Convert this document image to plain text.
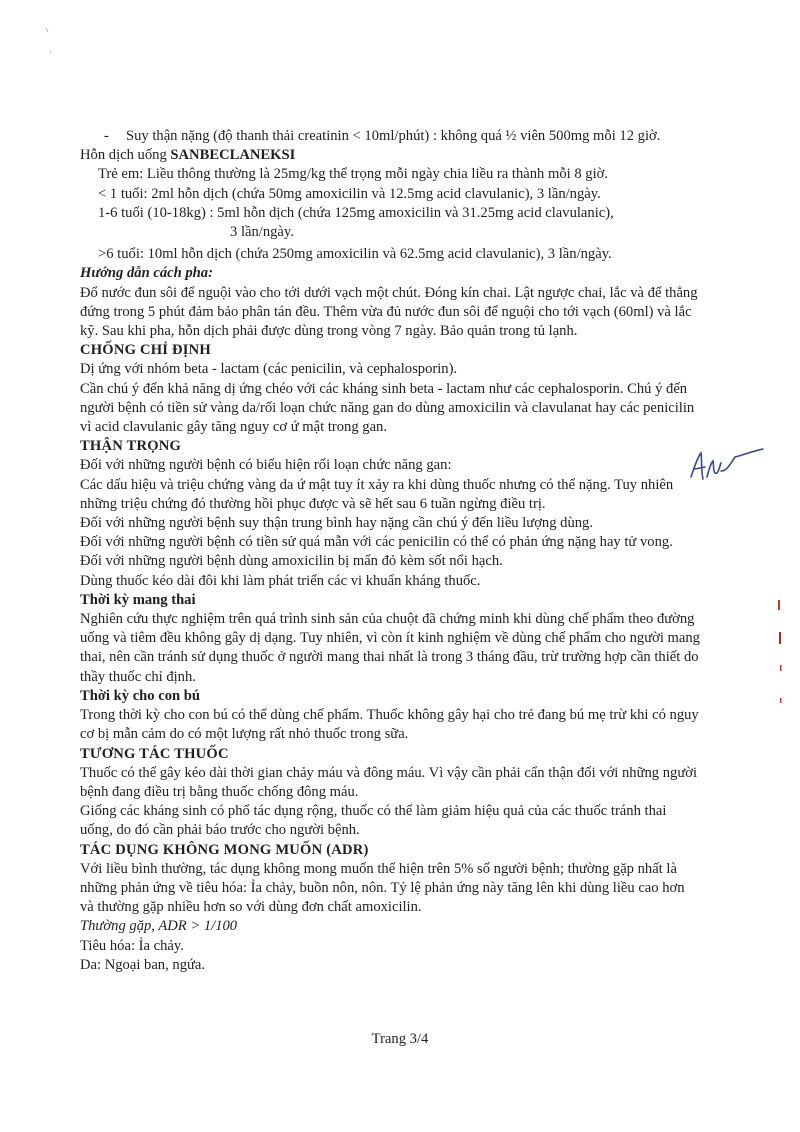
- Suy thận nặng (độ thanh thải creatinin < 10ml/phút) : không quá ½ viên 500mg mỗi 12 giờ.

Hỗn dịch uống SANBECLANEKSI

Trẻ em: Liều thông thường là 25mg/kg thể trọng mỗi ngày chia liều ra thành mỗi 8 giờ.

< 1 tuổi: 2ml hỗn dịch (chứa 50mg amoxicilin và 12.5mg acid clavulanic), 3 lần/ngày.

1-6 tuổi (10-18kg) : 5ml hỗn dịch (chứa 125mg amoxicilin và 31.25mg acid clavulanic),

3 lần/ngày.

>6 tuổi: 10ml hỗn dịch (chứa 250mg amoxicilin và 62.5mg acid clavulanic), 3 lần/ngày.

Hướng dẫn cách pha:

Đổ nước đun sôi để nguội vào cho tới dưới vạch một chút. Đóng kín chai. Lật ngược chai, lắc và để thẳng đứng trong 5 phút đảm bảo phân tán đều. Thêm vừa đủ nước đun sôi để nguội cho tới vạch (60ml) và lắc kỹ. Sau khi pha, hỗn dịch phải được dùng trong vòng 7 ngày. Bảo quản trong tủ lạnh.

CHỐNG CHỈ ĐỊNH

Dị ứng với nhóm beta - lactam (các penicilin, và cephalosporin).

Cần chú ý đến khả năng dị ứng chéo với các kháng sinh beta - lactam như các cephalosporin. Chú ý đến người bệnh có tiền sử vàng da/rối loạn chức năng gan do dùng amoxicilin và clavulanat hay các penicilin vì acid clavulanic gây tăng nguy cơ ứ mật trong gan.

THẬN TRỌNG

Đối với những người bệnh có biểu hiện rối loạn chức năng gan:

Các dấu hiệu và triệu chứng vàng da ứ mật tuy ít xảy ra khi dùng thuốc nhưng có thể nặng. Tuy nhiên những triệu chứng đó thường hồi phục được và sẽ hết sau 6 tuần ngừng điều trị.

Đối với những người bệnh suy thận trung bình hay nặng cần chú ý đến liều lượng dùng.

Đối với những người bệnh có tiền sử quá mẫn với các penicilin có thể có phản ứng nặng hay tử vong.

Đối với những người bệnh dùng amoxicilin bị mẩn đỏ kèm sốt nổi hạch.

Dùng thuốc kéo dài đôi khi làm phát triển các vi khuẩn kháng thuốc.

Thời kỳ mang thai

Nghiên cứu thực nghiệm trên quá trình sinh sản của chuột đã chứng minh khi dùng chế phẩm theo đường uống và tiêm đều không gây dị dạng. Tuy nhiên, vì còn ít kinh nghiệm về dùng chế phẩm cho người mang thai, nên cần tránh sử dụng thuốc ở người mang thai nhất là trong 3 tháng đầu, trừ trường hợp cần thiết do thầy thuốc chỉ định.

Thời kỳ cho con bú

Trong thời kỳ cho con bú có thể dùng chế phẩm. Thuốc không gây hại cho trẻ đang bú mẹ trừ khi có nguy cơ bị mẫn cảm do có một lượng rất nhỏ thuốc trong sữa.

TƯƠNG TÁC THUỐC

Thuốc có thể gây kéo dài thời gian chảy máu và đông máu. Vì vậy cần phải cẩn thận đối với những người bệnh đang điều trị bằng thuốc chống đông máu.

Giống các kháng sinh có phổ tác dụng rộng, thuốc có thể làm giảm hiệu quả của các thuốc tránh thai uống, do đó cần phải báo trước cho người bệnh.

TÁC DỤNG KHÔNG MONG MUỐN (ADR)

Với liều bình thường, tác dụng không mong muốn thể hiện trên 5% số người bệnh; thường gặp nhất là những phản ứng về tiêu hóa: Ỉa chảy, buồn nôn, nôn. Tỷ lệ phản ứng này tăng lên khi dùng liều cao hơn và thường gặp nhiều hơn so với dùng đơn chất amoxicilin.

Thường gặp, ADR > 1/100

Tiêu hóa: Ỉa chảy.

Da: Ngoại ban, ngứa.

Trang 3/4
